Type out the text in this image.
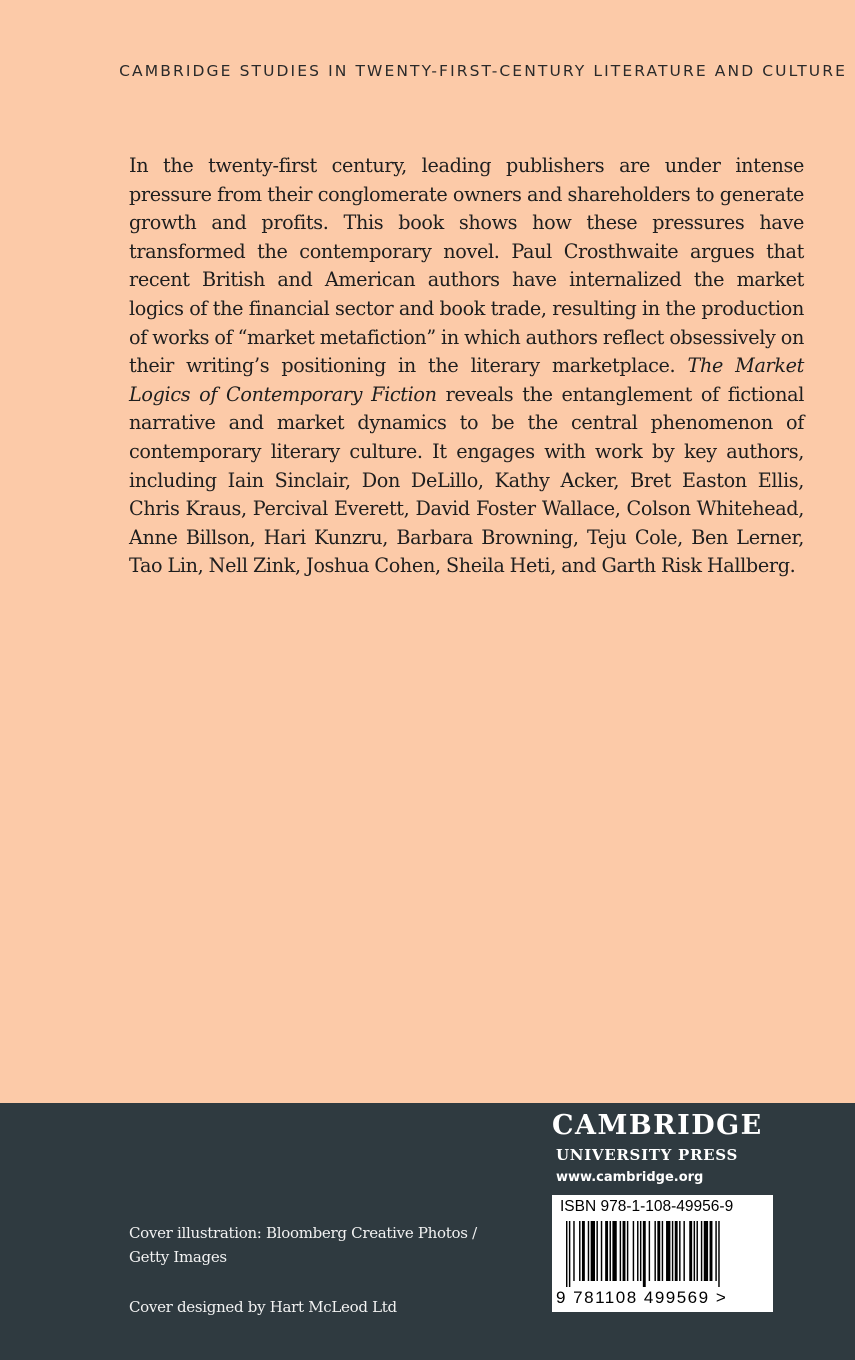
CAMBRIDGE STUDIES IN TWENTY-FIRST-CENTURY LITERATURE AND CULTURE
In the twenty-first century, leading publishers are under intense pressure from their conglomerate owners and shareholders to generate growth and profits. This book shows how these pressures have transformed the contemporary novel. Paul Crosthwaite argues that recent British and American authors have internalized the market logics of the financial sector and book trade, resulting in the production of works of “market metafiction” in which authors reflect obsessively on their writing’s positioning in the literary marketplace. The Market Logics of Contemporary Fiction reveals the entanglement of fictional narrative and market dynamics to be the central phenomenon of contemporary literary culture. It engages with work by key authors, including Iain Sinclair, Don DeLillo, Kathy Acker, Bret Easton Ellis, Chris Kraus, Percival Everett, David Foster Wallace, Colson Whitehead, Anne Billson, Hari Kunzru, Barbara Browning, Teju Cole, Ben Lerner, Tao Lin, Nell Zink, Joshua Cohen, Sheila Heti, and Garth Risk Hallberg.
Cover illustration: Bloomberg Creative Photos /
Getty Images
Cover designed by Hart McLeod Ltd
CAMBRIDGE
UNIVERSITY PRESS
www.cambridge.org
ISBN 978-1-108-49956-9
9 781108 499569 >
